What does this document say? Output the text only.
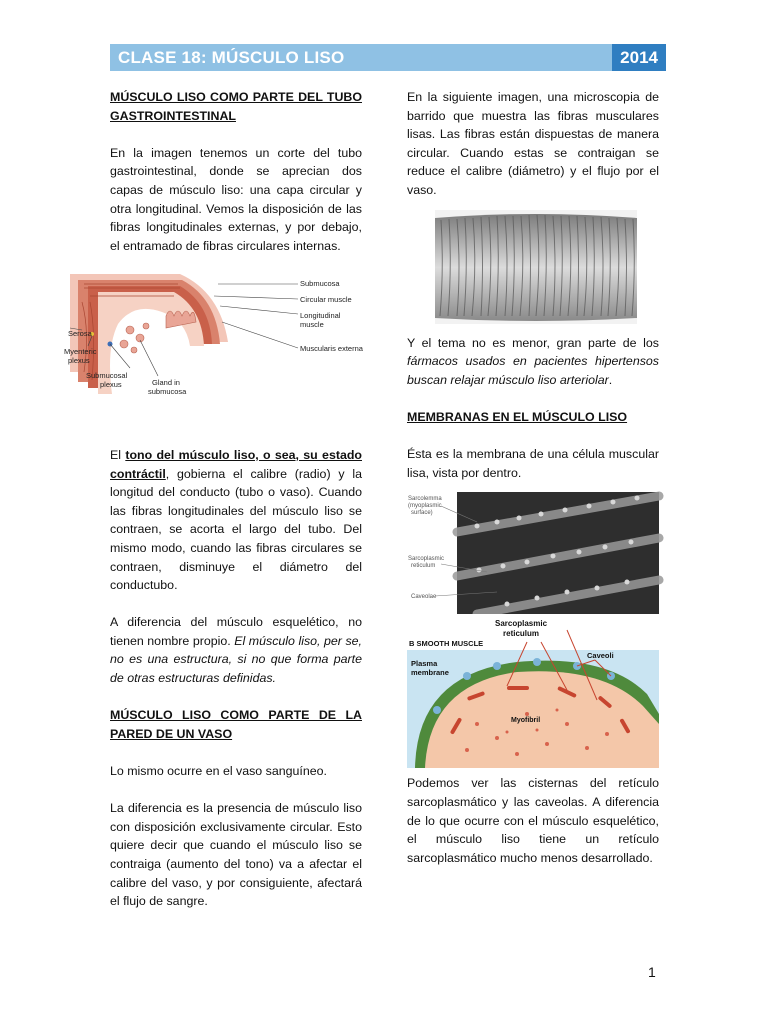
CLASE 18: MÚSCULO LISO	2014

MÚSCULO LISO COMO PARTE DEL TUBO GASTROINTESTINAL

En la imagen tenemos un corte del tubo gastrointestinal, donde se aprecian dos capas de músculo liso: una capa circular y otra longitudinal. Vemos la disposición de las fibras longitudinales externas, y por debajo, el entramado de fibras circulares internas.

Submucosa
Circular muscle
Longitudinal
muscle
Muscularis externa
Serosa
Myenteric
plexus
Submucosal
plexus	Gland in
submucosa

El tono del músculo liso, o sea, su estado contráctil, gobierna el calibre (radio) y la longitud del conducto (tubo o vaso). Cuando las fibras longitudinales del músculo liso se contraen, se acorta el largo del tubo. Del mismo modo, cuando las fibras circulares se contraen, disminuye el diámetro del conductubo.

A diferencia del músculo esquelético, no tienen nombre propio. El músculo liso, per se, no es una estructura, si no que forma parte de otras estructuras definidas.

MÚSCULO LISO COMO PARTE DE LA PARED DE UN VASO

Lo mismo ocurre en el vaso sanguíneo.

La diferencia es la presencia de músculo liso con disposición exclusivamente circular. Esto quiere decir que cuando el músculo liso se contraiga (aumento del tono) va a afectar el calibre del vaso, y por consiguiente, afectará el flujo de sangre.

En la siguiente imagen, una microscopia de barrido que muestra las fibras musculares lisas. Las fibras están dispuestas de manera circular. Cuando estas se contraigan se reduce el calibre (diámetro) y el flujo por el vaso.

Y el tema no es menor, gran parte de los fármacos usados en pacientes hipertensos buscan relajar músculo liso arteriolar.

MEMBRANAS EN EL MÚSCULO LISO

Ésta es la membrana de una célula muscular lisa, vista por dentro.

Sarcolemma
(myoplasmic
surface)
Sarcoplasmic
reticulum
Caveolae
Sarcoplasmic
reticulum
B SMOOTH MUSCLE
Caveoli
Plasma
membrane
Myofibril

Podemos ver las cisternas del retículo sarcoplasmático y las caveolas. A diferencia de lo que ocurre con el músculo esquelético, el músculo liso tiene un retículo sarcoplasmático mucho menos desarrollado.

1
